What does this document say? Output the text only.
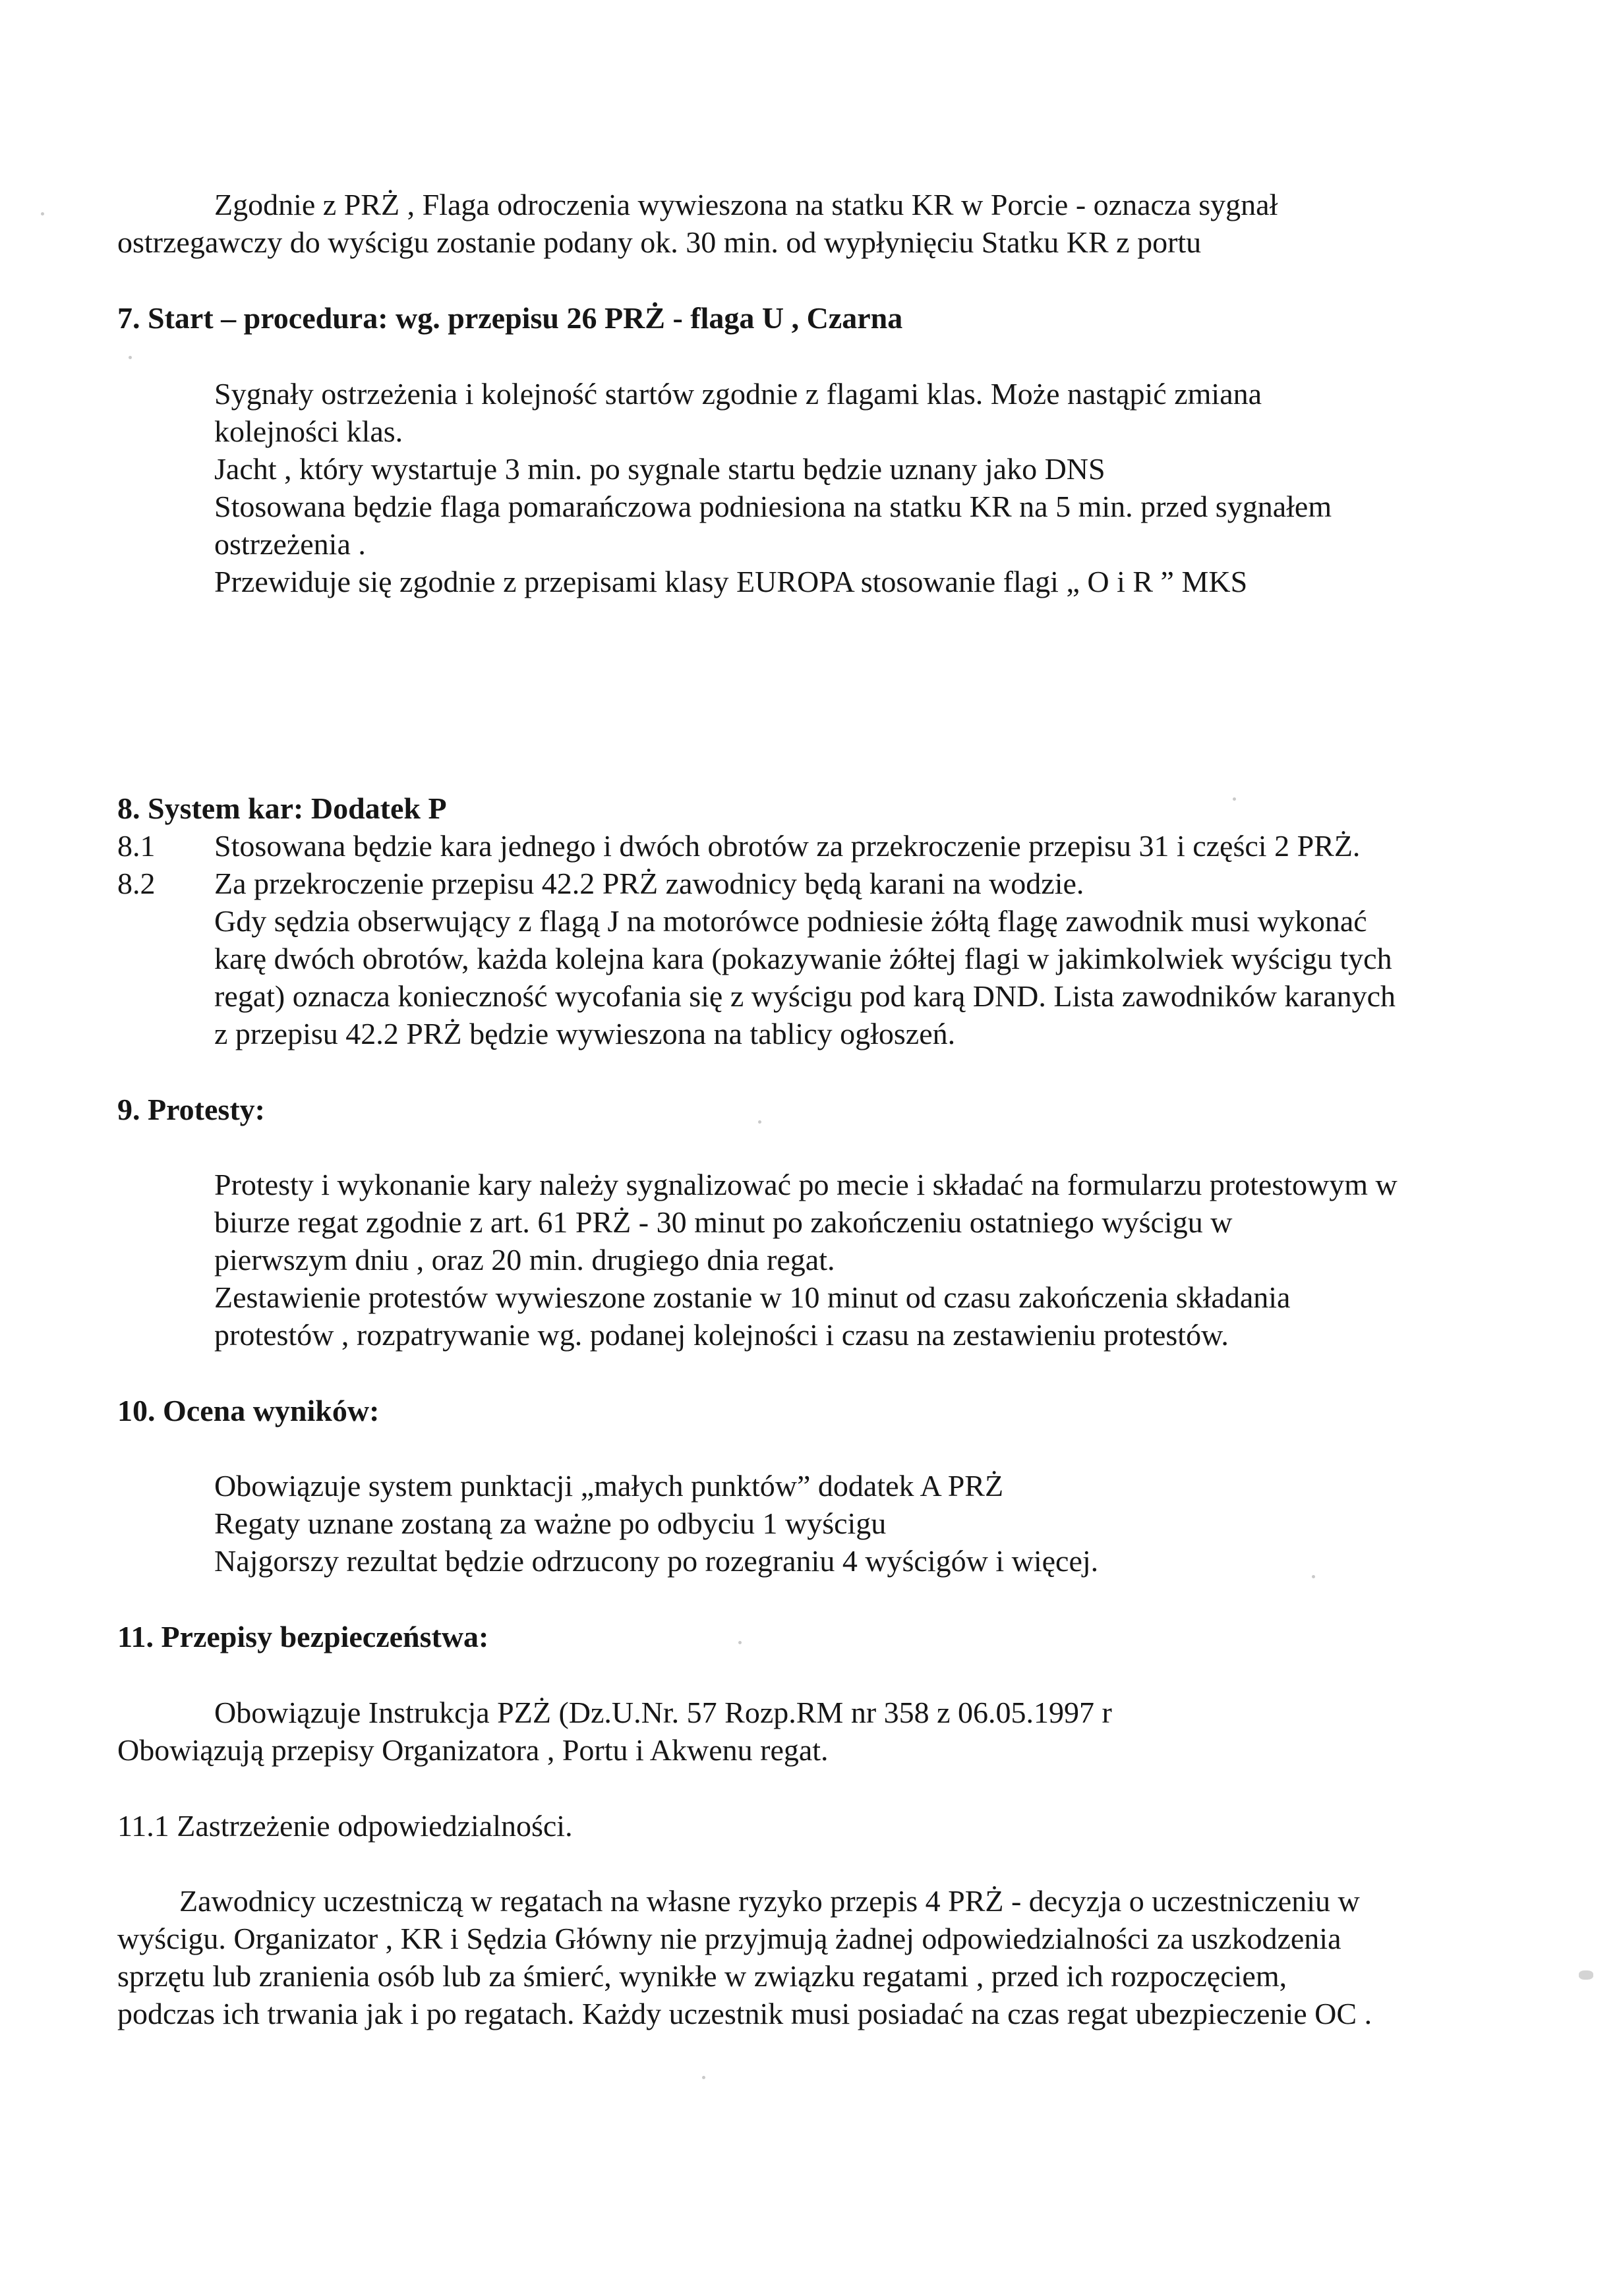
Zgodnie z PRŻ , Flaga odroczenia wywieszona na statku KR w Porcie - oznacza sygnał
ostrzegawczy do wyścigu zostanie podany ok. 30 min. od wypłynięciu Statku KR z portu
7. Start – procedura: wg. przepisu 26 PRŻ - flaga U , Czarna
Sygnały ostrzeżenia i kolejność startów zgodnie z flagami klas. Może nastąpić zmiana
kolejności klas.
Jacht , który wystartuje 3 min. po sygnale startu będzie uznany jako DNS
Stosowana będzie flaga pomarańczowa podniesiona na statku KR na 5 min. przed sygnałem
ostrzeżenia .
Przewiduje się zgodnie z przepisami klasy EUROPA stosowanie flagi „ O i R ” MKS
8. System kar: Dodatek P
8.1 Stosowana będzie kara jednego i dwóch obrotów za przekroczenie przepisu 31 i części 2 PRŻ.
8.2 Za przekroczenie przepisu 42.2 PRŻ zawodnicy będą karani na wodzie.
Gdy sędzia obserwujący z flagą J na motorówce podniesie żółtą flagę zawodnik musi wykonać
karę dwóch obrotów, każda kolejna kara (pokazywanie żółtej flagi w jakimkolwiek wyścigu tych
regat) oznacza konieczność wycofania się z wyścigu pod karą DND. Lista zawodników karanych
z przepisu 42.2 PRŻ będzie wywieszona na tablicy ogłoszeń.
9. Protesty:
Protesty i wykonanie kary należy sygnalizować po mecie i składać na formularzu protestowym w
biurze regat zgodnie z art. 61 PRŻ - 30 minut po zakończeniu ostatniego wyścigu w
pierwszym dniu , oraz 20 min. drugiego dnia regat.
Zestawienie protestów wywieszone zostanie w 10 minut od czasu zakończenia składania
protestów , rozpatrywanie wg. podanej kolejności i czasu na zestawieniu protestów.
10. Ocena wyników:
Obowiązuje system punktacji „małych punktów” dodatek A PRŻ
Regaty uznane zostaną za ważne po odbyciu 1 wyścigu
Najgorszy rezultat będzie odrzucony po rozegraniu 4 wyścigów i więcej.
11. Przepisy bezpieczeństwa:
Obowiązuje Instrukcja PZŻ (Dz.U.Nr. 57 Rozp.RM nr 358 z 06.05.1997 r
Obowiązują przepisy Organizatora , Portu i Akwenu regat.
11.1 Zastrzeżenie odpowiedzialności.
Zawodnicy uczestniczą w regatach na własne ryzyko przepis 4 PRŻ - decyzja o uczestniczeniu w
wyścigu. Organizator , KR i Sędzia Główny nie przyjmują żadnej odpowiedzialności za uszkodzenia
sprzętu lub zranienia osób lub za śmierć, wynikłe w związku regatami , przed ich rozpoczęciem,
podczas ich trwania jak i po regatach. Każdy uczestnik musi posiadać na czas regat ubezpieczenie OC .
